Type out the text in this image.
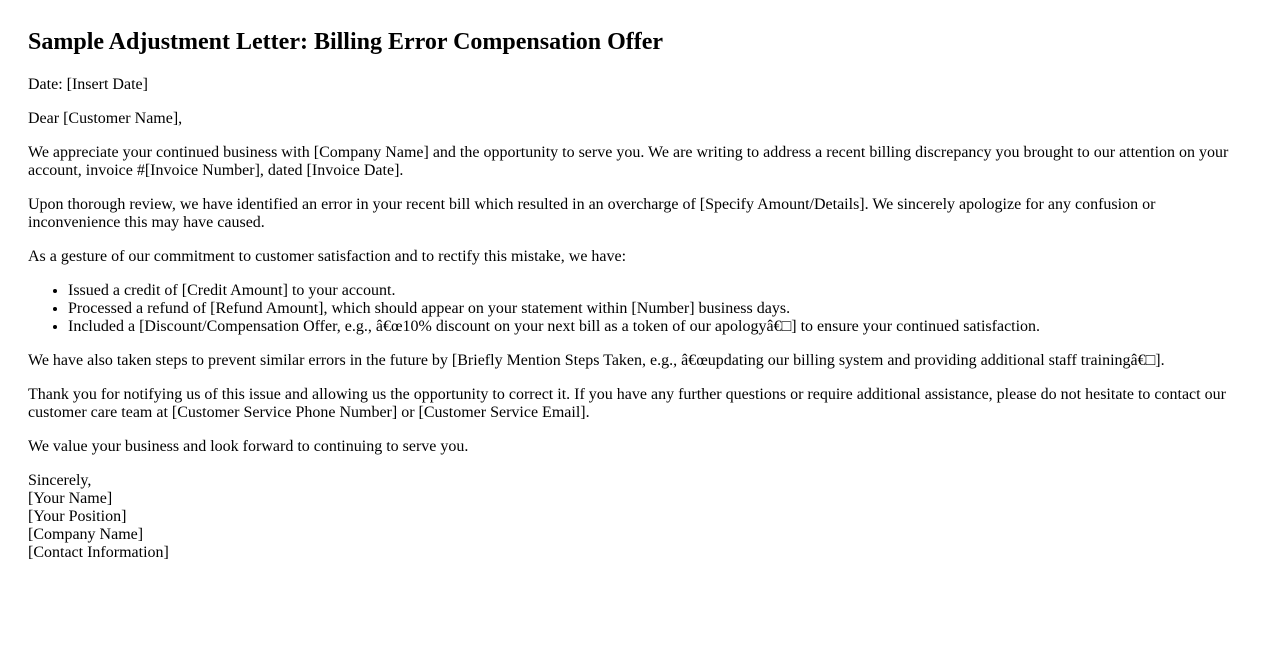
Sample Adjustment Letter: Billing Error Compensation Offer

Date: [Insert Date]

Dear [Customer Name],

We appreciate your continued business with [Company Name] and the opportunity to serve you. We are writing to address a recent billing discrepancy you brought to our attention on your account, invoice #[Invoice Number], dated [Invoice Date].

Upon thorough review, we have identified an error in your recent bill which resulted in an overcharge of [Specify Amount/Details]. We sincerely apologize for any confusion or inconvenience this may have caused.

As a gesture of our commitment to customer satisfaction and to rectify this mistake, we have:

• Issued a credit of [Credit Amount] to your account.
• Processed a refund of [Refund Amount], which should appear on your statement within [Number] business days.
• Included a [Discount/Compensation Offer, e.g., â€œ10% discount on your next bill as a token of our apologyâ€□] to ensure your continued satisfaction.

We have also taken steps to prevent similar errors in the future by [Briefly Mention Steps Taken, e.g., â€œupdating our billing system and providing additional staff trainingâ€□].

Thank you for notifying us of this issue and allowing us the opportunity to correct it. If you have any further questions or require additional assistance, please do not hesitate to contact our customer care team at [Customer Service Phone Number] or [Customer Service Email].

We value your business and look forward to continuing to serve you.

Sincerely,
[Your Name]
[Your Position]
[Company Name]
[Contact Information]
